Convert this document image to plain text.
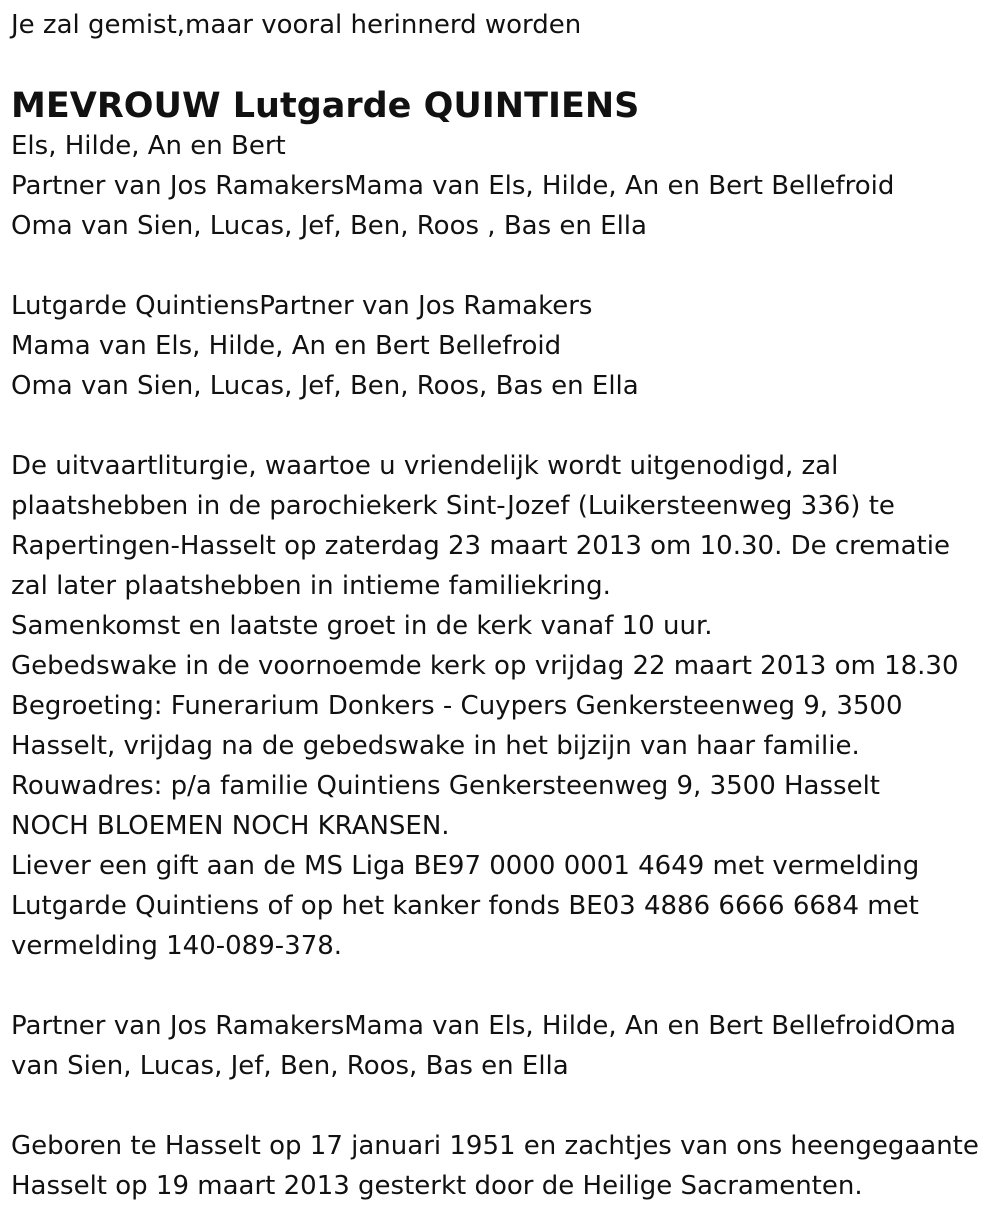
Je zal gemist,maar vooral herinnerd worden

MEVROUW Lutgarde QUINTIENS
Els, Hilde, An en Bert
Partner van Jos RamakersMama van Els, Hilde, An en Bert Bellefroid
Oma van Sien, Lucas, Jef, Ben, Roos , Bas en Ella
Lutgarde QuintiensPartner van Jos Ramakers
Mama van Els, Hilde, An en Bert Bellefroid
Oma van Sien, Lucas, Jef, Ben, Roos, Bas en Ella
De uitvaartliturgie, waartoe u vriendelijk wordt uitgenodigd, zal
plaatshebben in de parochiekerk Sint-Jozef (Luikersteenweg 336) te
Rapertingen-Hasselt op zaterdag 23 maart 2013 om 10.30. De crematie
zal later plaatshebben in intieme familiekring.
Samenkomst en laatste groet in de kerk vanaf 10 uur.
Gebedswake in de voornoemde kerk op vrijdag 22 maart 2013 om 18.30
Begroeting: Funerarium Donkers - Cuypers Genkersteenweg 9, 3500
Hasselt, vrijdag na de gebedswake in het bijzijn van haar familie.
Rouwadres: p/a familie Quintiens Genkersteenweg 9, 3500 Hasselt
NOCH BLOEMEN NOCH KRANSEN.
Liever een gift aan de MS Liga BE97 0000 0001 4649 met vermelding
Lutgarde Quintiens of op het kanker fonds BE03 4886 6666 6684 met
vermelding 140-089-378.
Partner van Jos RamakersMama van Els, Hilde, An en Bert BellefroidOma
van Sien, Lucas, Jef, Ben, Roos, Bas en Ella
Geboren te Hasselt op 17 januari 1951 en zachtjes van ons heengegaante
Hasselt op 19 maart 2013 gesterkt door de Heilige Sacramenten.
